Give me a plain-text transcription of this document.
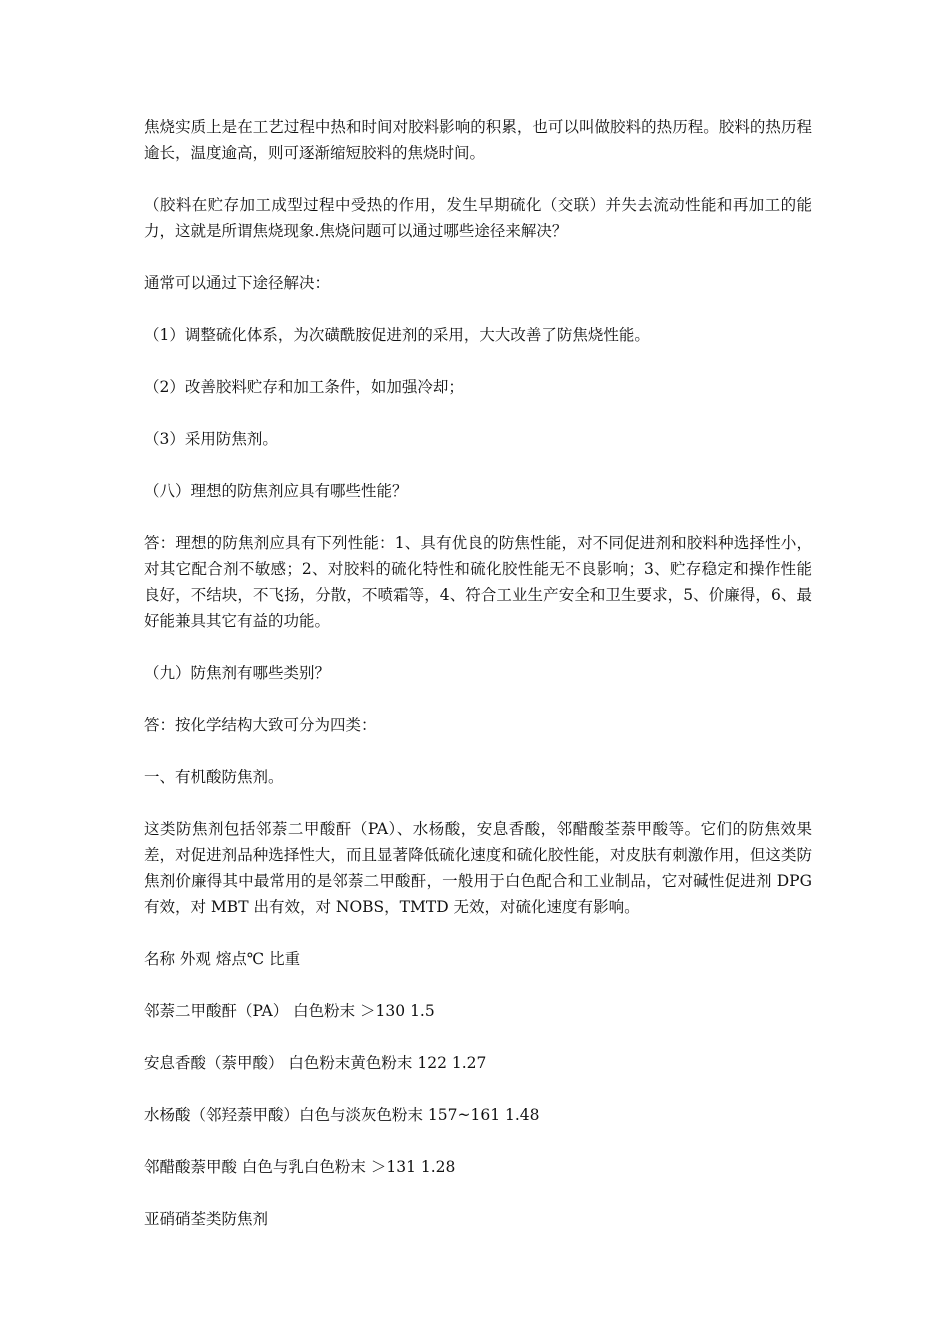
焦烧实质上是在工艺过程中热和时间对胶料影响的积累，也可以叫做胶料的热历程。胶料的热历程逾长，温度逾高，则可逐渐缩短胶料的焦烧时间。

（胶料在贮存加工成型过程中受热的作用，发生早期硫化（交联）并失去流动性能和再加工的能力，这就是所谓焦烧现象.焦烧问题可以通过哪些途径来解决？

通常可以通过下途径解决：

（1）调整硫化体系，为次磺酰胺促进剂的采用，大大改善了防焦烧性能。

（2）改善胶料贮存和加工条件，如加强冷却；

（3）采用防焦剂。

（八）理想的防焦剂应具有哪些性能？

答：理想的防焦剂应具有下列性能：1、具有优良的防焦性能，对不同促进剂和胶料种选择性小，对其它配合剂不敏感；2、对胶料的硫化特性和硫化胶性能无不良影响；3、贮存稳定和操作性能良好，不结块，不飞扬，分散，不喷霜等，4、符合工业生产安全和卫生要求，5、价廉得，6、最好能兼具其它有益的功能。

（九）防焦剂有哪些类别？

答：按化学结构大致可分为四类：

一、有机酸防焦剂。

这类防焦剂包括邻萘二甲酸酐（PA）、水杨酸，安息香酸，邻醋酸荃萘甲酸等。它们的防焦效果差，对促进剂品种选择性大，而且显著降低硫化速度和硫化胶性能，对皮肤有刺激作用，但这类防焦剂价廉得其中最常用的是邻萘二甲酸酐，一般用于白色配合和工业制品，它对碱性促进剂 DPG 有效，对 MBT 出有效，对 NOBS，TMTD 无效，对硫化速度有影响。

名称 外观 熔点℃ 比重

邻萘二甲酸酐（PA） 白色粉末 ＞130 1.5

安息香酸（萘甲酸） 白色粉末黄色粉末 122 1.27

水杨酸（邻羟萘甲酸）白色与淡灰色粉末 157~161 1.48

邻醋酸萘甲酸 白色与乳白色粉末 ＞131 1.28

亚硝硝荃类防焦剂
